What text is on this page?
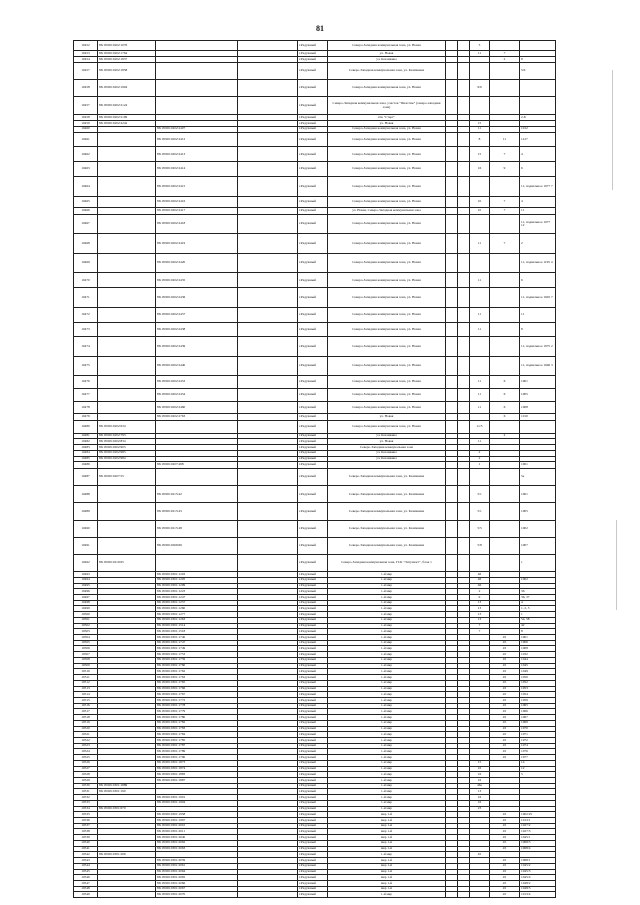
81
10452	86:18:0010202:1076			г.Радужный	Северо-Западная коммунальная зона, ул. Новая			3		
10453	86:18:0010202:1764			г.Радужный	ул. Новая			11	7	
10454	86:18:0010202:1837			г.Радужный	ул. Казамкина				2	8
10457	86:18:0010202:1858			г.Радужный	Северо-Западная коммунальная зона, ул. Казамкина					5/6
10458	86:18:0010202:1904			г.Радужный	Северо-Западная коммунальная зона, ул. Новая			9/6		
10457	86:18:0010202:2124			г.Радужный	Северо-Западная коммунальная зона, участок "Пилотаж" (северо-западная зона)					
10458	86:18:0010202:2199			г.Радужный	гпк "Старт"					2-8
10459	86:18:0010202:2242			г.Радужный	ул. Новая			15		
10460		86:18:0010202:2407		г.Радужный	Северо-Западная коммунальная зона, ул. Новая			11		1012
10461		86:18:0010202:2412		г.Радужный	Северо-Западная коммунальная зона, ул. Новая			8	11	1417
10462		86:18:0010202:2413		г.Радужный	Северо-Западная коммунальная зона, ул. Новая			15	7	4
10463		86:18:0010202:2414		г.Радужный	Северо-Западная коммунальная зона, ул. Новая			16	9	6
10464		86:18:0010202:2415		г.Радужный	Северо-Западная коммунальная зона, ул. Новая					11, подвальное 1977 7
10465		86:18:0010202:2416		г.Радужный	Северо-Западная коммунальная зона, ул. Новая			10	7	4
10466		86:18:0010202:2417		г.Радужный	ул. Новая, Северо-Западная коммунальная зона			10	7	11
10467		86:18:0010202:2418		г.Радужный	Северо-Западная коммунальная зона, ул. Новая					11, подвальное 1977 12
10468		86:18:0010202:2419		г.Радужный	Северо-Западная коммунальная зона, ул. Новая			11	7	2
10469		86:18:0010202:2420		г.Радужный	Северо-Западная коммунальная зона, ул. Новая					11, подвальное 1195 4
10470		86:18:0010202:2435		г.Радужный	Северо-Западная коммунальная зона, ул. Новая			11		6
10471		86:18:0010202:2436		г.Радужный	Северо-Западная коммунальная зона, ул. Новая					11, подвальное 1945 7
10472		86:18:0010202:2437		г.Радужный	Северо-Западная коммунальная зона, ул. Новая			11		11
10473		86:18:0010202:2438		г.Радужный	Северо-Западная коммунальная зона, ул. Новая			11		8
10474		86:18:0010202:2439		г.Радужный	Северо-Западная коммунальная зона, ул. Новая					11, подвальное 1975 2
10475		86:18:0010202:2440		г.Радужный	Северо-Западная коммунальная зона, ул. Новая					11, подвальное 1946 3
10476		86:18:0010202:2453		г.Радужный	Северо-Западная коммунальная зона, ул. Новая			11	6	1001
10477		86:18:0010202:2454		г.Радужный	Северо-Западная коммунальная зона, ул. Новая			11	6	1005
10478		86:18:0010202:2460		г.Радужный	Северо-Западная коммунальная зона, ул. Новая			11	6	1008
10479		86:18:0010202:2763		г.Радужный	ул. Новая				6	1010
10480	86:18:0010202:634			г.Радужный	Северо-Западная коммунальная зона, ул. Новая			11/5		
10481	86:18:0010202:793			г.Радужный	ул. Казамкина				2	
10482	86:18:0010202:834			г.Радужный	ул. Новая			11		
10483	86:18:0010202:903			г.Радужный	Северо-Западная коммунальная зона					
10484	86:18:0010202:983			г.Радужный	ул. Казамкина			2		
10485	86:18:0010202:984			г.Радужный	ул. Казамкина			2		
10486		86:18:0010207:498		г.Радужный				1		1001
10487	86:18:0010207:55			г.Радужный	Северо-Западная коммунальная зона, ул. Казамкина					5е
10488		86:18:0010215:42		г.Радужный	Северо-Западная коммунальная зона, ул. Казамкина			5/1		1001
10489		86:18:0010215:43		г.Радужный	Северо-Западная коммунальная зона, ул. Казамкина			5/1		1005
10490		86:18:0010215:48		г.Радужный	Северо-Западная коммунальная зона, ул. Казамкина			5/5		1002
10491		86:18:0010269:69		г.Радужный	Северо-Западная коммунальная зона, ул. Казамкина			5/8		1007
10492	86:18:0010210:65			г.Радужный	Северо-Западная коммунальная зона, ГСК "Энтузиаст", блок 1					1
10493		86:18:0010301:1203		г.Радужный	1-й мкр			46		
10494		86:18:0010301:1205		г.Радужный	1-й мкр			46		1002
10495		86:18:0010301:1209		г.Радужный	1-й мкр			46		
10496		86:18:0010301:1223		г.Радужный	1-й мкр			2		36
10497		86:18:0010301:1247		г.Радужный	1-й мкр			9		36, 37
10498		86:18:0010301:1257		г.Радужный	1-й мкр			13		4
10499		86:18:0010301:1260		г.Радужный	1-й мкр			13		1, 2, 3
10500		86:18:0010301:1277		г.Радужный	1-й мкр			13		1
10501		86:18:0010301:1263		г.Радужный	1-й мкр			13		54, 58
10502		86:18:0010301:1514		г.Радужный	1-й мкр			7		42
10503		86:18:0010301:1518		г.Радужный	1-й мкр			7		8
10504		86:18:0010301:1740		г.Радужный	1-й мкр				45	1001
10505		86:18:0010301:1747		г.Радужный	1-й мкр				45	1006
10506		86:18:0010301:1749		г.Радужный	1-й мкр				45	1008
10507		86:18:0010301:1753		г.Радужный	1-й мкр				45	1032
10508		86:18:0010301:1759		г.Радужный	1-й мкр				45	1044
10509		86:18:0010301:1760		г.Радужный	1-й мкр				45	1045
10510		86:18:0010301:1762		г.Радужный	1-й мкр				45	1049
10511		86:18:0010301:1763		г.Радужный	1-й мкр				45	1050
10512		86:18:0010301:1765		г.Радужный	1-й мкр				45	1052
10513		86:18:0010301:1766		г.Радужный	1-й мкр				45	1053
10514		86:18:0010301:1767		г.Радужный	1-й мкр				45	1054
10515		86:18:0010301:1772		г.Радужный	1-й мкр				45	1059
10516		86:18:0010301:1778		г.Радужный	1-й мкр				45	1065
10517		86:18:0010301:1779		г.Радужный	1-й мкр				45	1066
10518		86:18:0010301:1780		г.Радужный	1-й мкр				45	1067
10519		86:18:0010301:1782		г.Радужный	1-й мкр				45	1069
10520		86:18:0010301:1783		г.Радужный	1-й мкр				45	1070
10521		86:18:0010301:1784		г.Радужный	1-й мкр				45	1071
10522		86:18:0010301:1785		г.Радужный	1-й мкр				45	1072
10523		86:18:0010301:1787		г.Радужный	1-й мкр				45	1074
10524		86:18:0010301:1789		г.Радужный	1-й мкр				45	1076
10525		86:18:0010301:1790		г.Радужный	1-й мкр				45	1077
10526		86:18:0010301:1873		г.Радужный	1-й мкр			15		14
10527		86:18:0010301:1874		г.Радужный	1-й мкр			16		12
10528		86:18:0010301:1883		г.Радужный	1-й мкр			16		5
10529		86:18:0010301:1887		г.Радужный	1-й мкр			16		
10530	86:18:0010301:1889			г.Радужный	1-й мкр			46а		
10531	86:18:0010301:190			г.Радужный	1-й мкр			13		
10532		86:18:0010301:1901		г.Радужный	1-й мкр			16		
10533		86:18:0010301:1904		г.Радужный	1-й мкр			16		
10534	86:18:0010301:670			г.Радужный	1-й мкр			23		
10535		86:18:0010301:1958		г.Радужный	мкр 1-й				45	1002/25
10536		86:18:0010301:1997		г.Радужный	мкр 1-й				45	1013/1
10537		86:18:0010301:2010		г.Радужный	мкр 1-й				45	1027/2
10538		86:18:0010301:2011		г.Радужный	мкр 1-й				45	1027/3
10539		86:18:0010301:2040		г.Радужный	мкр 1-й				45	1045/1
10540		86:18:0010301:2062		г.Радужный	мкр 1-й				45	1068/3
10541		86:18:0010301:2063		г.Радужный	мкр 1-й				45	1068/4
10542	86:18:0010301:206			г.Радужный	1-й мкр			45		
10543		86:18:0010301:2059		г.Радужный	мкр 1-й				45	1068/1
10544		86:18:0010301:2061		г.Радужный	мкр 1-й				45	1045/2
10545		86:18:0010301:2064		г.Радужный	мкр 1-й				45	1045/3
10546		86:18:0010301:2065		г.Радужный	мкр 1-й				45	1045/4
10547		86:18:0010301:2066		г.Радужный	мкр 1-й				45	1048/2
10548		86:18:0010301:2067		г.Радужный	мкр 1-й				45	1048/3
10549		86:18:0010301:2070		г.Радужный	1-й мкр				45	1013/4
